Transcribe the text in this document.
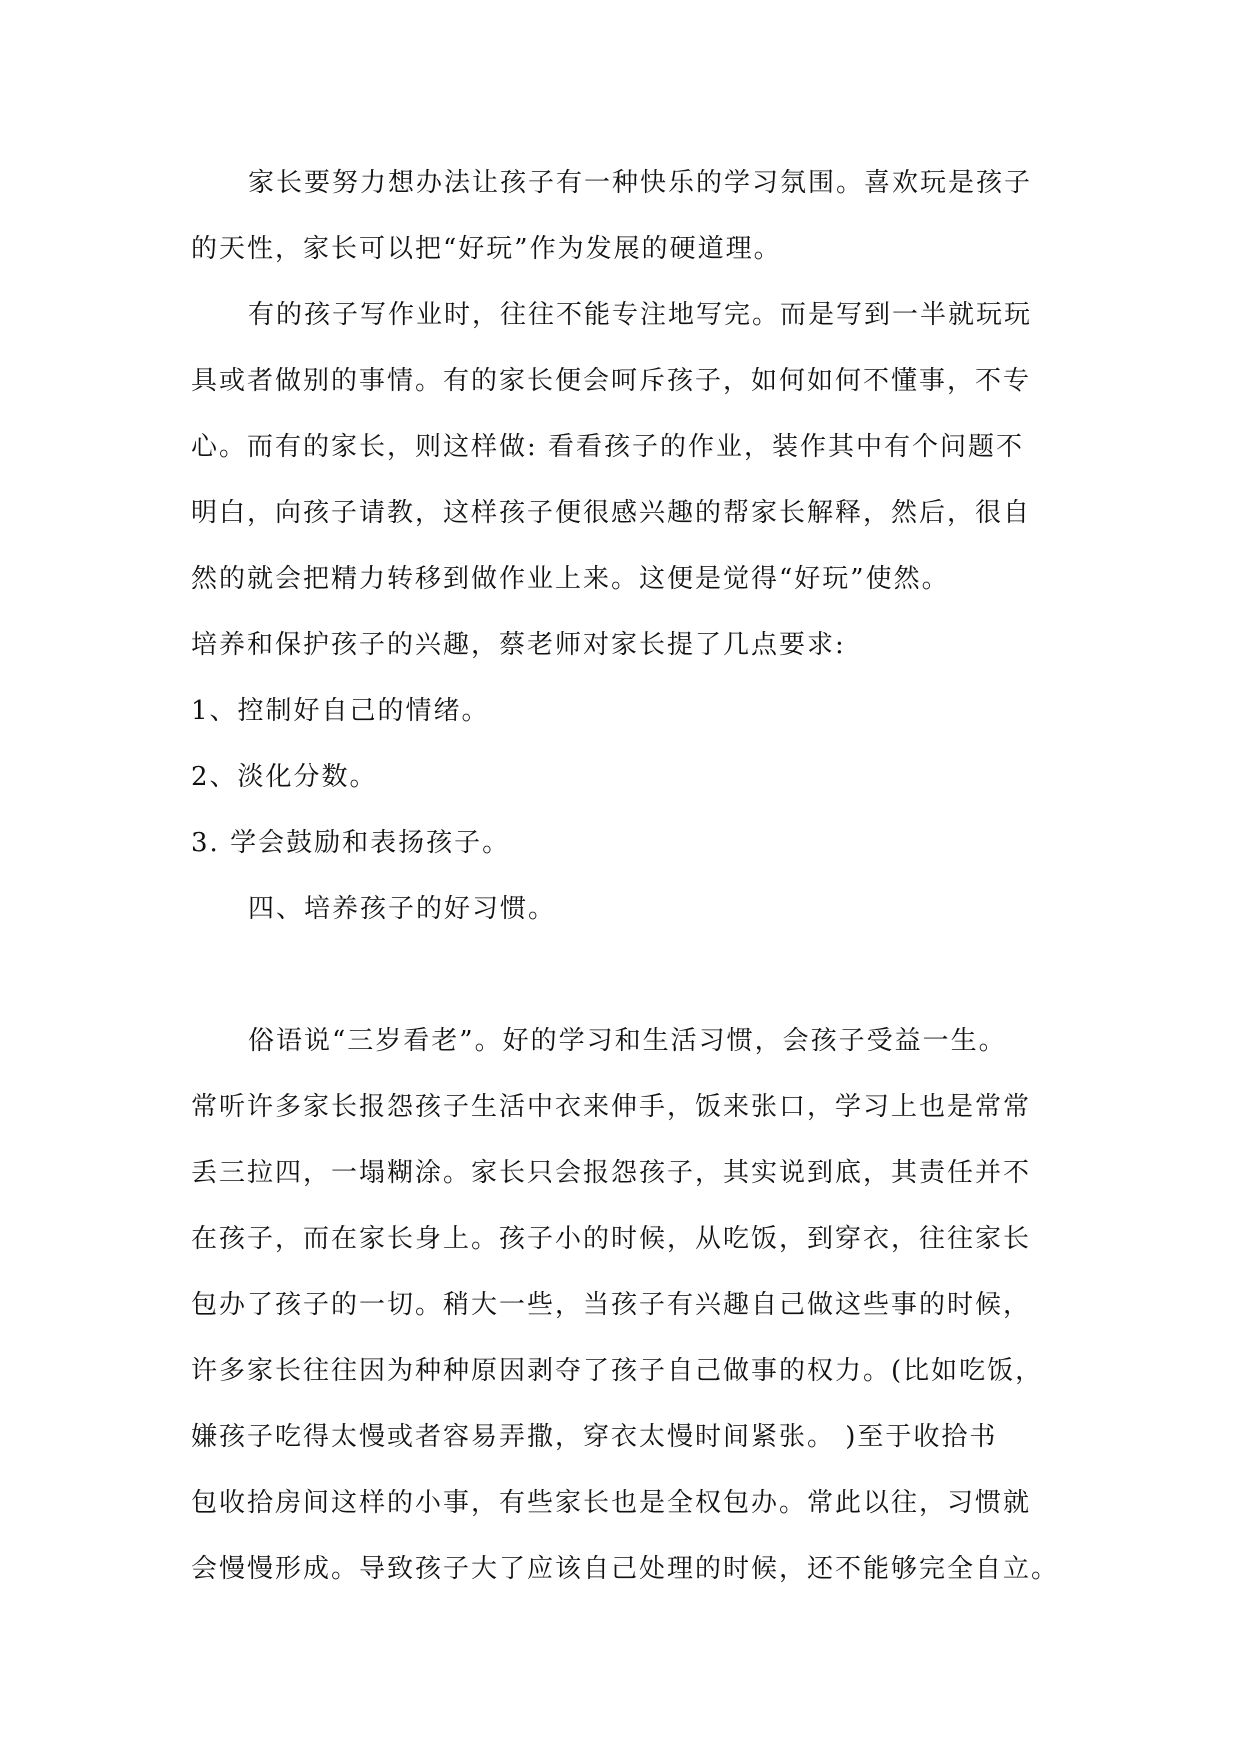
家长要努力想办法让孩子有一种快乐的学习氛围。喜欢玩是孩子
的天性，家长可以把“好玩”作为发展的硬道理。
有的孩子写作业时，往往不能专注地写完。而是写到一半就玩玩
具或者做别的事情。有的家长便会呵斥孩子，如何如何不懂事，不专
心。而有的家长，则这样做: 看看孩子的作业，装作其中有个问题不
明白，向孩子请教，这样孩子便很感兴趣的帮家长解释，然后，很自
然的就会把精力转移到做作业上来。这便是觉得“好玩”使然。
培养和保护孩子的兴趣，蔡老师对家长提了几点要求:
1、控制好自己的情绪。
2、淡化分数。
3. 学会鼓励和表扬孩子。
四、培养孩子的好习惯。
俗语说“三岁看老”。好的学习和生活习惯，会孩子受益一生。
常听许多家长报怨孩子生活中衣来伸手，饭来张口，学习上也是常常
丢三拉四，一塌糊涂。家长只会报怨孩子，其实说到底，其责任并不
在孩子，而在家长身上。孩子小的时候，从吃饭，到穿衣，往往家长
包办了孩子的一切。稍大一些，当孩子有兴趣自己做这些事的时候，
许多家长往往因为种种原因剥夺了孩子自己做事的权力。(比如吃饭，
嫌孩子吃得太慢或者容易弄撒，穿衣太慢时间紧张。 )至于收拾书
包收拾房间这样的小事，有些家长也是全权包办。常此以往，习惯就
会慢慢形成。导致孩子大了应该自己处理的时候，还不能够完全自立。
